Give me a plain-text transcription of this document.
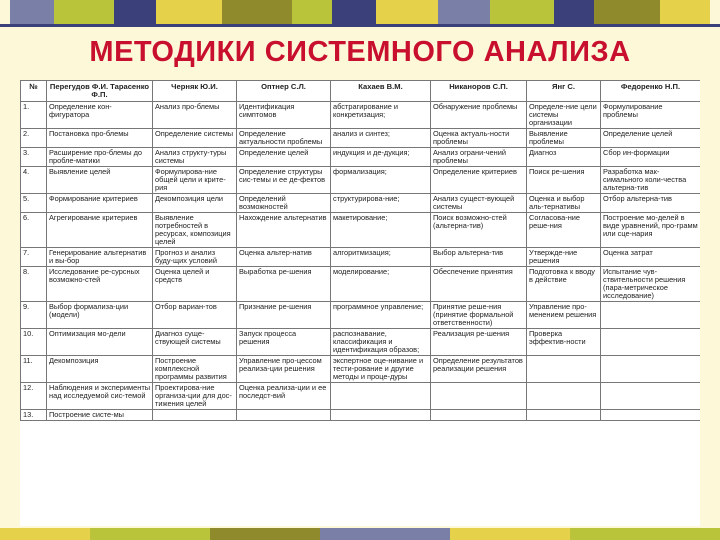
МЕТОДИКИ СИСТЕМНОГО АНАЛИЗА
№	Перегудов Ф.И. Тарасенко Ф.П.	Черняк Ю.И.	Оптнер С.Л.	Кахаев В.М.	Никаноров С.П.	Янг С.	Федоренко Н.П.
1.	Определение кон-фигуратора	Анализ про-блемы	Идентификация симптомов	абстрагирование и конкретизация;	Обнаружение проблемы	Определе-ние цели системы организации	Формулирование проблемы
2.	Постановка про-блемы	Определение системы	Определение актуальности проблемы	анализ и синтез;	Оценка актуаль-ности проблемы	Выявление проблемы	Определение целей
3.	Расширение про-блемы до пробле-матики	Анализ структу-туры системы	Определение целей	индукция и де-дукция;	Анализ ограни-чений проблемы	Диагноз	Сбор ин-формации
4.	Выявление целей	Формулирова-ние общей цели и крите-рия	Определение структуры сис-темы и ее де-фектов	формализация;	Определение критериев	Поиск ре-шения	Разработка мак-симального коли-чества альтерна-тив
5.	Формирование критериев	Декомпозиция цели	Определений возможностей	структурирова-ние;	Анализ сущест-вующей системы	Оценка и выбор аль-тернативы	Отбор альтерна-тив
6.	Агрегирование критериев	Выявление потребностей в ресурсах, композиция целей	Нахождение альтернатив	макетирование;	Поиск возможно-стей (альтерна-тив)	Согласова-ние реше-ния	Построение мо-делей в виде уравнений, про-грамм или сце-нария
7.	Генерирование альтернатив и вы-бор	Прогноз и анализ буду-щих условий	Оценка альтер-натив	алгоритмизация;	Выбор альтерна-тив	Утвержде-ние решения	Оценка затрат
8.	Исследование ре-сурсных возможно-стей	Оценка целей и средств	Выработка ре-шения	моделирование;	Обеспечение принятия	Подготовка к вводу в действие	Испытание чув-ствительности решения (пара-метрическое исследование)
9.	Выбор формализа-ции (модели)	Отбор вариан-тов	Признание ре-шения	программное управление;	Принятие реше-ния (принятие формальной ответственности)	Управление про-менением решения	
10.	Оптимизация мо-дели	Диагноз суще-ствующей системы	Запуск процесса решения	распознавание, классификация и идентификация образов;	Реализация ре-шения	Проверка эффектив-ности	
11.	Декомпозиция	Построение комплексной программы развития	Управление про-цессом реализа-ции решения	экспертное оце-нивание и тести-рование и другие методы и проце-дуры	Определение результатов реализации решения		
12.	Наблюдения и эксперименты над исследуемой сис-темой	Проектирова-ние организа-ции для дос-тижения целей	Оценка реализа-ции и ее последст-вий				
13.	Построение систе-мы						
